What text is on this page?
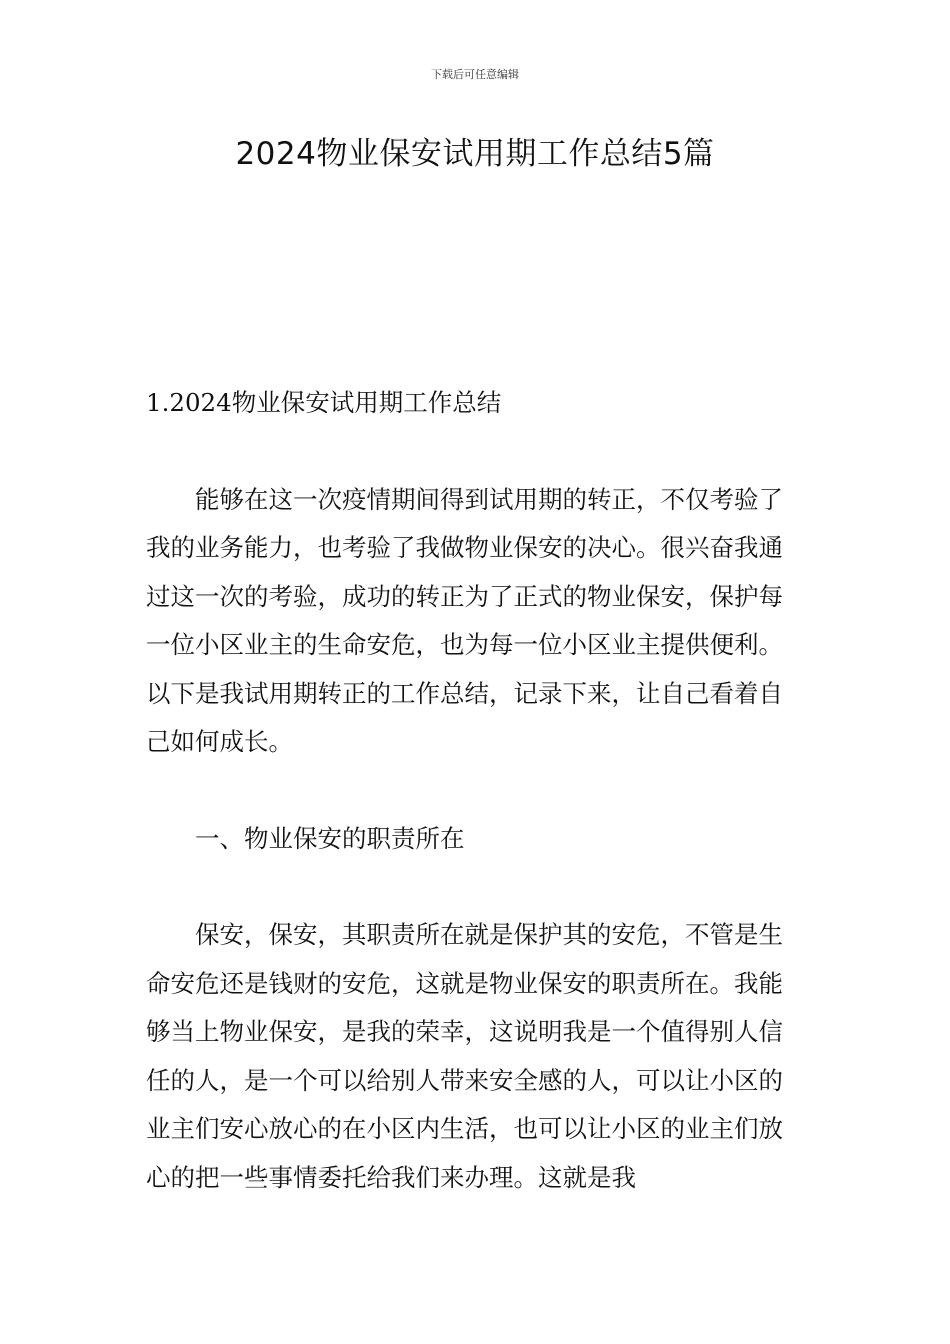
下载后可任意编辑
2024物业保安试用期工作总结5篇

1.2024物业保安试用期工作总结

能够在这一次疫情期间得到试用期的转正，不仅考验了我的业务能力，也考验了我做物业保安的决心。很兴奋我通过这一次的考验，成功的转正为了正式的物业保安，保护每一位小区业主的生命安危，也为每一位小区业主提供便利。以下是我试用期转正的工作总结，记录下来，让自己看着自己如何成长。

一、物业保安的职责所在

保安，保安，其职责所在就是保护其的安危，不管是生命安危还是钱财的安危，这就是物业保安的职责所在。我能够当上物业保安，是我的荣幸，这说明我是一个值得别人信任的人，是一个可以给别人带来安全感的人，可以让小区的业主们安心放心的在小区内生活，也可以让小区的业主们放心的把一些事情委托给我们来办理。这就是我
